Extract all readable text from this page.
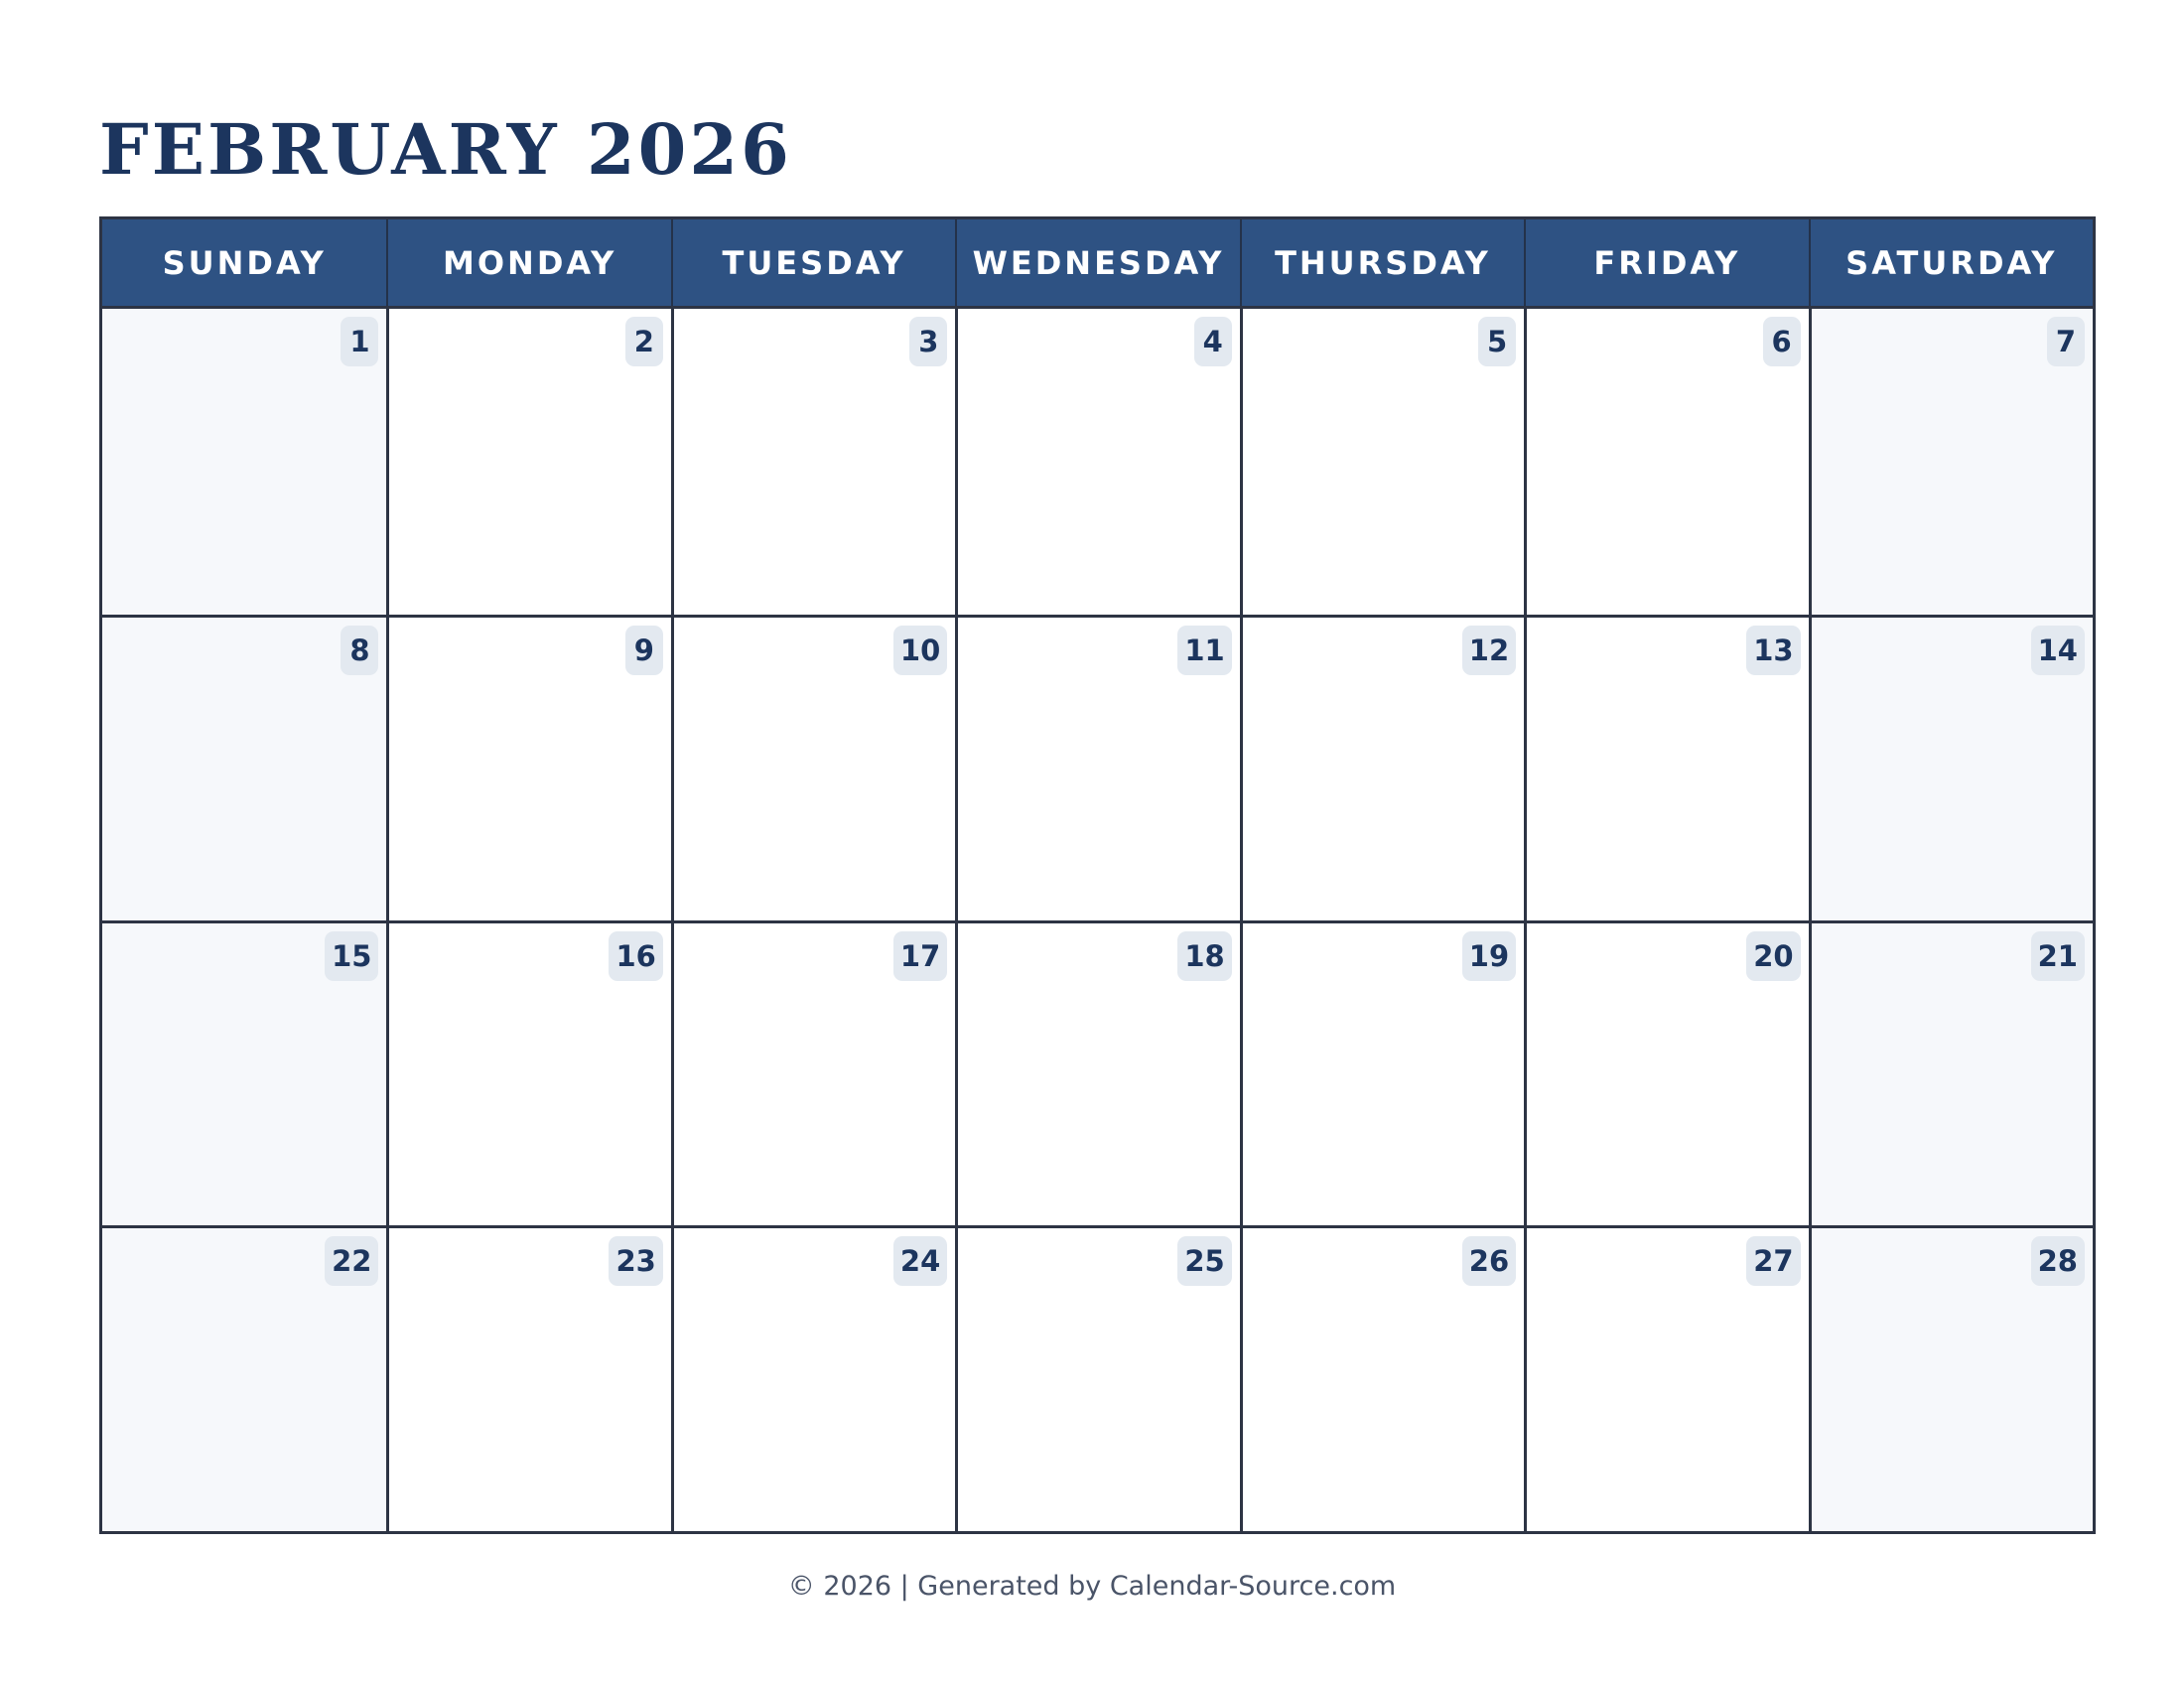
FEBRUARY 2026
SUNDAY	MONDAY	TUESDAY	WEDNESDAY	THURSDAY	FRIDAY	SATURDAY
1	2	3	4	5	6	7
8	9	10	11	12	13	14
15	16	17	18	19	20	21
22	23	24	25	26	27	28
© 2026 | Generated by Calendar-Source.com
